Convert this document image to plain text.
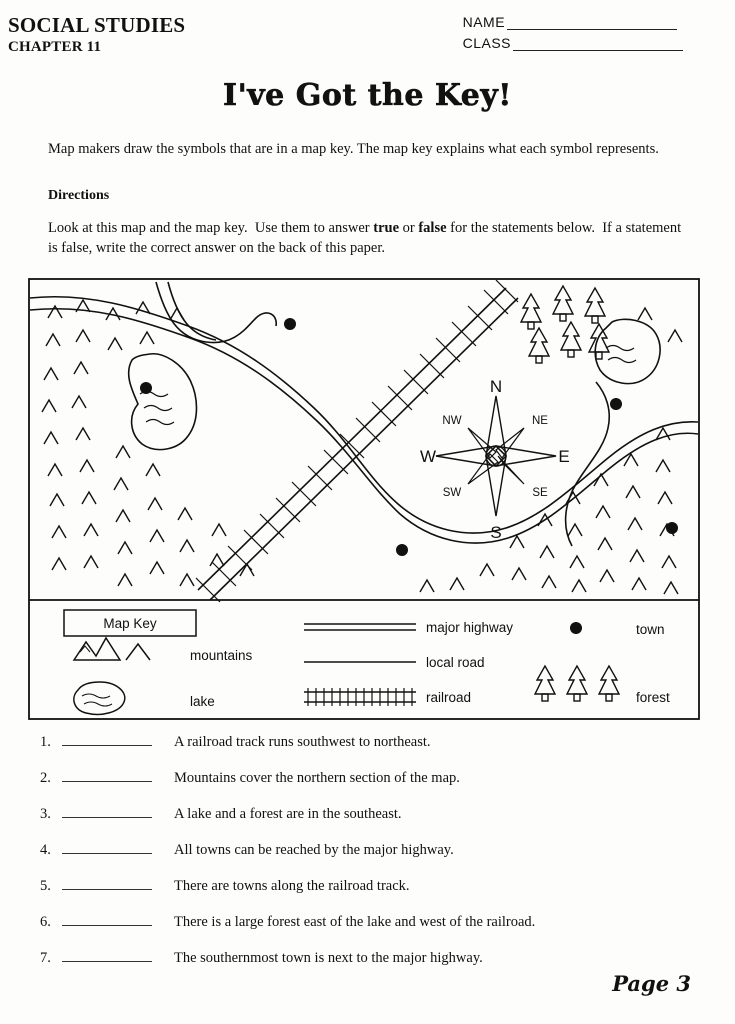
SOCIAL STUDIES
CHAPTER 11
NAME
CLASS
I've Got the Key!
Map makers draw the symbols that are in a map key. The map key explains what each symbol represents.
Directions
Look at this map and the map key.  Use them to answer true or false for the statements below.  If a statement is false, write the correct answer on the back of this paper.
N
S
E
W
NW	NE
SW	SE
Map Key
mountains
lake
major highway
local road
railroad
town
forest
1.	A railroad track runs southwest to northeast.
2.	Mountains cover the northern section of the map.
3.	A lake and a forest are in the southeast.
4.	All towns can be reached by the major highway.
5.	There are towns along the railroad track.
6.	There is a large forest east of the lake and west of the railroad.
7.	The southernmost town is next to the major highway.
Page 3
